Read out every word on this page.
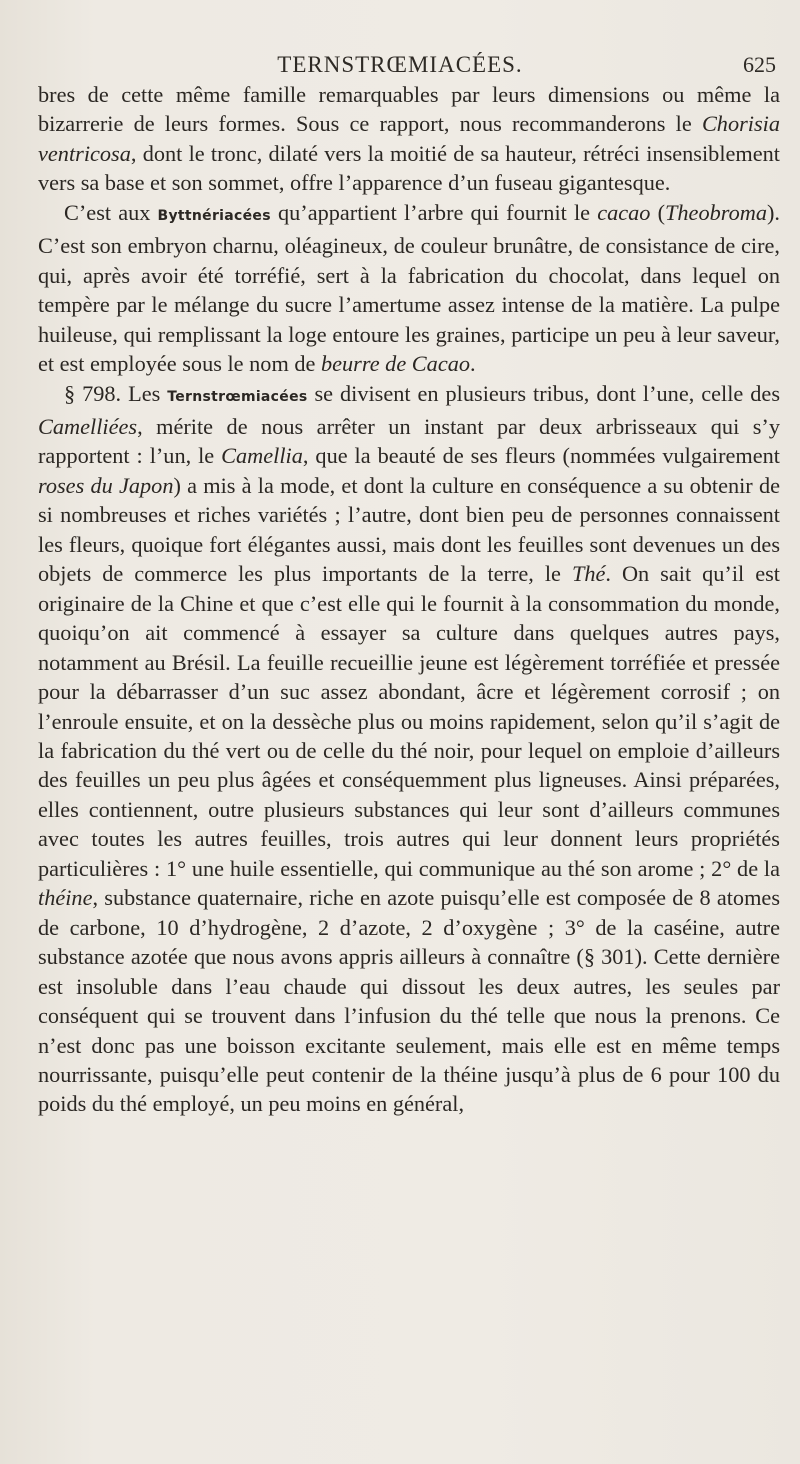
TERNSTRŒMIACÉES.	625

bres de cette même famille remarquables par leurs dimensions ou même la bizarrerie de leurs formes. Sous ce rapport, nous recommanderons le Chorisia ventricosa, dont le tronc, dilaté vers la moitié de sa hauteur, rétréci insensiblement vers sa base et son sommet, offre l’apparence d’un fuseau gigantesque.

C’est aux Byttnériacées qu’appartient l’arbre qui fournit le cacao (Theobroma). C’est son embryon charnu, oléagineux, de couleur brunâtre, de consistance de cire, qui, après avoir été torréfié, sert à la fabrication du chocolat, dans lequel on tempère par le mélange du sucre l’amertume assez intense de la matière. La pulpe huileuse, qui remplissant la loge entoure les graines, participe un peu à leur saveur, et est employée sous le nom de beurre de Cacao.

§ 798. Les Ternstrœmiacées se divisent en plusieurs tribus, dont l’une, celle des Camelliées, mérite de nous arrêter un instant par deux arbrisseaux qui s’y rapportent : l’un, le Camellia, que la beauté de ses fleurs (nommées vulgairement roses du Japon) a mis à la mode, et dont la culture en conséquence a su obtenir de si nombreuses et riches variétés ; l’autre, dont bien peu de personnes connaissent les fleurs, quoique fort élégantes aussi, mais dont les feuilles sont devenues un des objets de commerce les plus importants de la terre, le Thé. On sait qu’il est originaire de la Chine et que c’est elle qui le fournit à la consommation du monde, quoiqu’on ait commencé à essayer sa culture dans quelques autres pays, notamment au Brésil. La feuille recueillie jeune est légèrement torréfiée et pressée pour la débarrasser d’un suc assez abondant, âcre et légèrement corrosif ; on l’enroule ensuite, et on la dessèche plus ou moins rapidement, selon qu’il s’agit de la fabrication du thé vert ou de celle du thé noir, pour lequel on emploie d’ailleurs des feuilles un peu plus âgées et conséquemment plus ligneuses. Ainsi préparées, elles contiennent, outre plusieurs substances qui leur sont d’ailleurs communes avec toutes les autres feuilles, trois autres qui leur donnent leurs propriétés particulières : 1° une huile essentielle, qui communique au thé son arome ; 2° de la théine, substance quaternaire, riche en azote puisqu’elle est composée de 8 atomes de carbone, 10 d’hydrogène, 2 d’azote, 2 d’oxygène ; 3° de la caséine, autre substance azotée que nous avons appris ailleurs à connaître (§ 301). Cette dernière est insoluble dans l’eau chaude qui dissout les deux autres, les seules par conséquent qui se trouvent dans l’infusion du thé telle que nous la prenons. Ce n’est donc pas une boisson excitante seulement, mais elle est en même temps nourrissante, puisqu’elle peut contenir de la théine jusqu’à plus de 6 pour 100 du poids du thé employé, un peu moins en général,
